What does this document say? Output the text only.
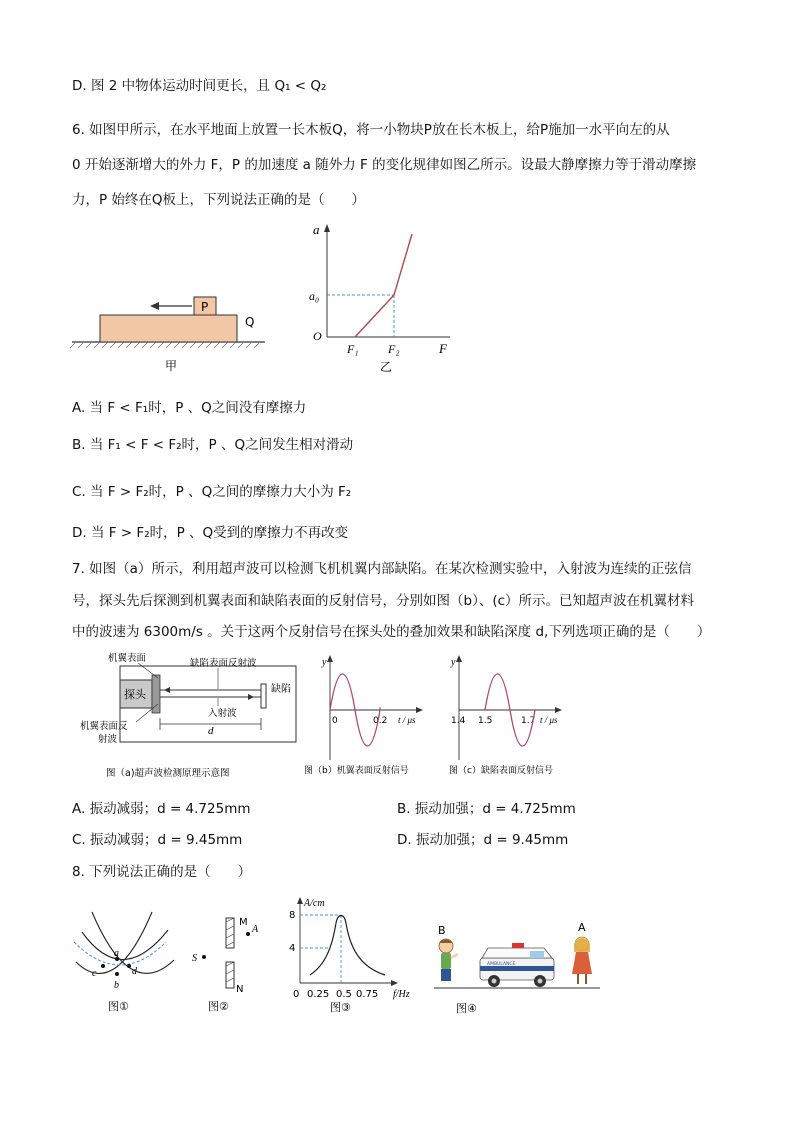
D. 图 2 中物体运动时间更长，且 Q₁ < Q₂
6. 如图甲所示，在水平地面上放置一长木板Q，将一小物块P放在长木板上，给P施加一水平向左的从
0 开始逐渐增大的外力 F，P 的加速度 a 随外力 F 的变化规律如图乙所示。设最大静摩擦力等于滑动摩擦
力，P 始终在Q板上，下列说法正确的是（　　）
P
Q
甲
a
a₀
O
F₁ F₂	F
乙
A. 当 F < F₁时，P 、Q之间没有摩擦力
B. 当 F₁ < F < F₂时，P 、Q之间发生相对滑动
C. 当 F > F₂时，P 、Q之间的摩擦力大小为 F₂
D. 当 F > F₂时，P 、Q受到的摩擦力不再改变
7. 如图（a）所示，利用超声波可以检测飞机机翼内部缺陷。在某次检测实验中，入射波为连续的正弦信
号，探头先后探测到机翼表面和缺陷表面的反射信号，分别如图（b）、(c）所示。已知超声波在机翼材料
中的波速为 6300m/s 。关于这两个反射信号在探头处的叠加效果和缺陷深度 d,下列选项正确的是（　　）
探头	缺陷
缺陷表面反射波
入射波
机翼表面
机翼表面反
射波
d
图（a)超声波检测原理示意图
y
0	0.2 t / μs
图（b）机翼表面反射信号
y
1.4 1.5	1.7 t / μs
图（c）缺陷表面反射信号
A. 振动减弱；d = 4.725mm	B. 振动加强；d = 4.725mm
C. 振动减弱；d = 9.45mm	D. 振动加强；d = 9.45mm
8. 下列说法正确的是（　　）
a
b
c	d
图①
M
A
S
N
图②
A/cm
8
4
0 0.25 0.5 0.75 f/Hz
图③
B
AMBULANCE
A
图④
